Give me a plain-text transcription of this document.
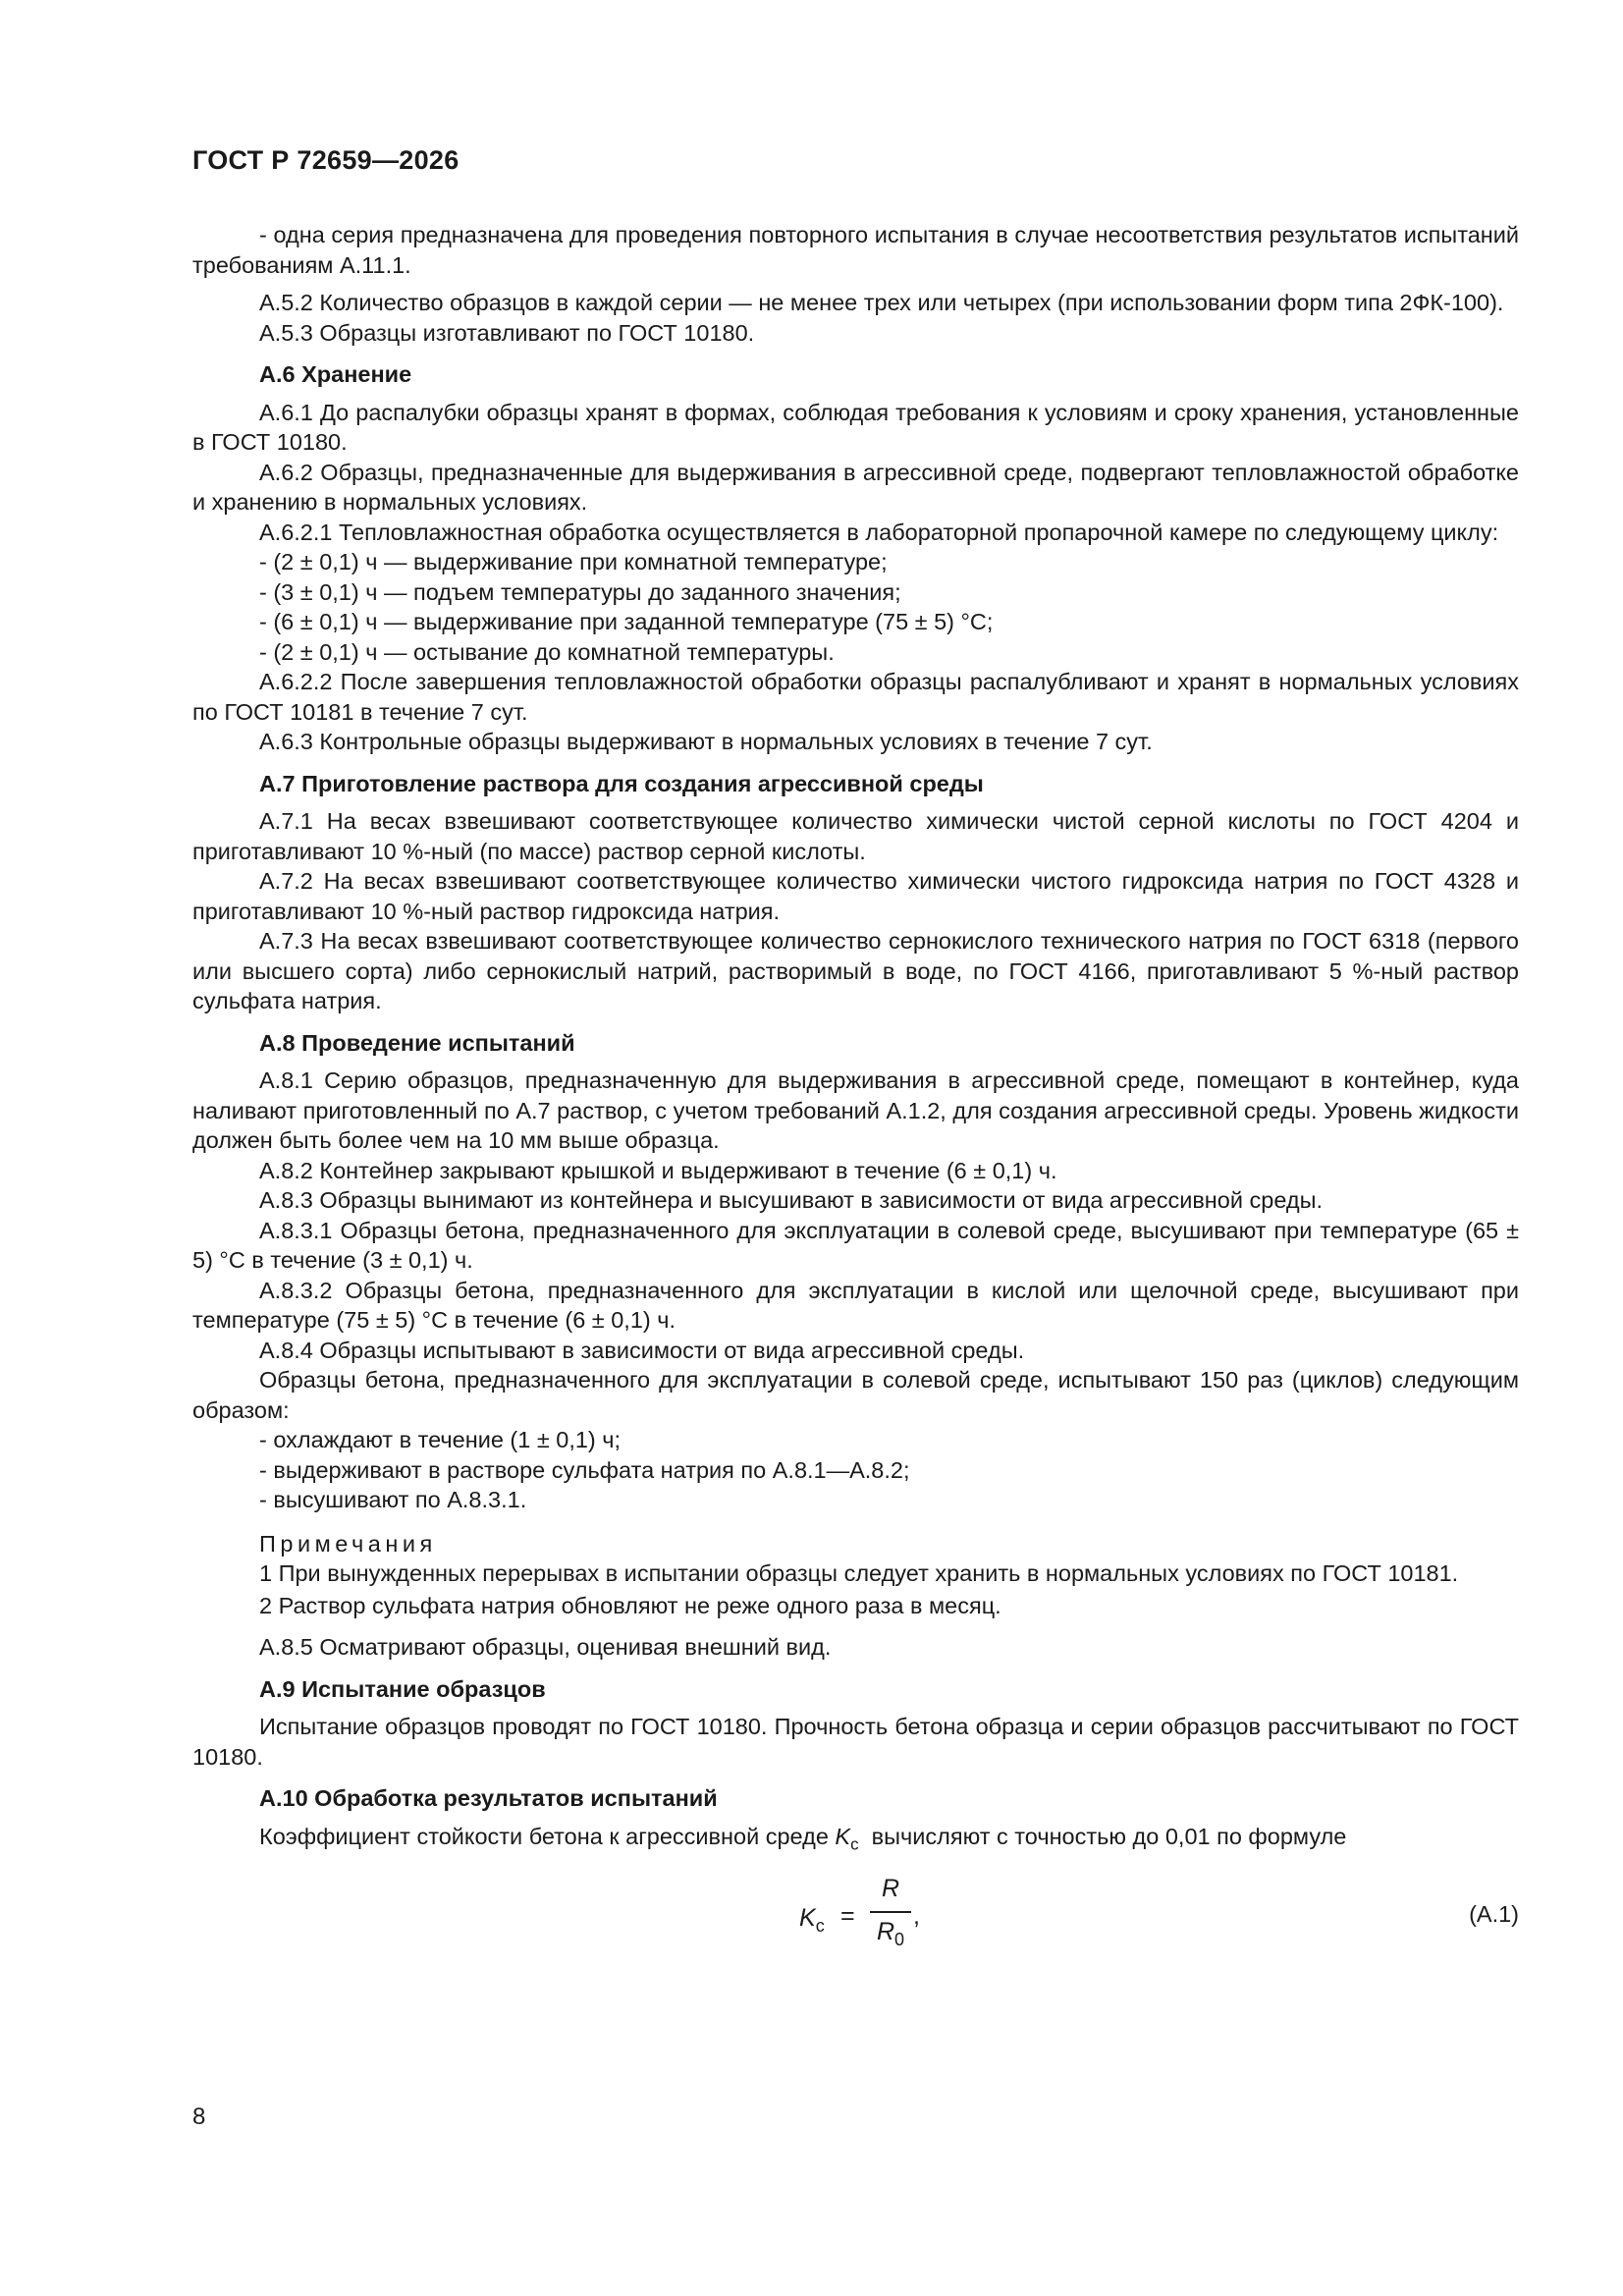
ГОСТ Р 72659—2026

- одна серия предназначена для проведения повторного испытания в случае несоответствия результатов испытаний требованиям А.11.1.

А.5.2 Количество образцов в каждой серии — не менее трех или четырех (при использовании форм типа 2ФК-100).

А.5.3 Образцы изготавливают по ГОСТ 10180.

А.6 Хранение

А.6.1 До распалубки образцы хранят в формах, соблюдая требования к условиям и сроку хранения, установленные в ГОСТ 10180.

А.6.2 Образцы, предназначенные для выдерживания в агрессивной среде, подвергают тепловлажностой обработке и хранению в нормальных условиях.

А.6.2.1 Тепловлажностная обработка осуществляется в лабораторной пропарочной камере по следующему циклу:

- (2 ± 0,1) ч — выдерживание при комнатной температуре;
- (3 ± 0,1) ч — подъем температуры до заданного значения;
- (6 ± 0,1) ч — выдерживание при заданной температуре (75 ± 5) °С;
- (2 ± 0,1) ч — остывание до комнатной температуры.

А.6.2.2 После завершения тепловлажностой обработки образцы распалубливают и хранят в нормальных условиях по ГОСТ 10181 в течение 7 сут.

А.6.3 Контрольные образцы выдерживают в нормальных условиях в течение 7 сут.

А.7 Приготовление раствора для создания агрессивной среды

А.7.1 На весах взвешивают соответствующее количество химически чистой серной кислоты по ГОСТ 4204 и приготавливают 10 %-ный (по массе) раствор серной кислоты.

А.7.2 На весах взвешивают соответствующее количество химически чистого гидроксида натрия по ГОСТ 4328 и приготавливают 10 %-ный раствор гидроксида натрия.

А.7.3 На весах взвешивают соответствующее количество сернокислого технического натрия по ГОСТ 6318 (первого или высшего сорта) либо сернокислый натрий, растворимый в воде, по ГОСТ 4166, приготавливают 5 %-ный раствор сульфата натрия.

А.8 Проведение испытаний

А.8.1 Серию образцов, предназначенную для выдерживания в агрессивной среде, помещают в контейнер, куда наливают приготовленный по А.7 раствор, с учетом требований А.1.2, для создания агрессивной среды. Уровень жидкости должен быть более чем на 10 мм выше образца.

А.8.2 Контейнер закрывают крышкой и выдерживают в течение (6 ± 0,1) ч.

А.8.3 Образцы вынимают из контейнера и высушивают в зависимости от вида агрессивной среды.

А.8.3.1 Образцы бетона, предназначенного для эксплуатации в солевой среде, высушивают при температуре (65 ± 5) °С в течение (3 ± 0,1) ч.

А.8.3.2 Образцы бетона, предназначенного для эксплуатации в кислой или щелочной среде, высушивают при температуре (75 ± 5) °С в течение (6 ± 0,1) ч.

А.8.4 Образцы испытывают в зависимости от вида агрессивной среды.

Образцы бетона, предназначенного для эксплуатации в солевой среде, испытывают 150 раз (циклов) следующим образом:

- охлаждают в течение (1 ± 0,1) ч;
- выдерживают в растворе сульфата натрия по А.8.1—А.8.2;
- высушивают по А.8.3.1.
Примечания
1 При вынужденных перерывах в испытании образцы следует хранить в нормальных условиях по ГОСТ 10181.
2 Раствор сульфата натрия обновляют не реже одного раза в месяц.

А.8.5 Осматривают образцы, оценивая внешний вид.

А.9 Испытание образцов

Испытание образцов проводят по ГОСТ 10180. Прочность бетона образца и серии образцов рассчитывают по ГОСТ 10180.

А.10 Обработка результатов испытаний

Коэффициент стойкости бетона к агрессивной среде $K_c$  вычисляют с точностью до 0,01 по формуле

$K_c$ =
R
$R_0$
,	(А.1)
8
